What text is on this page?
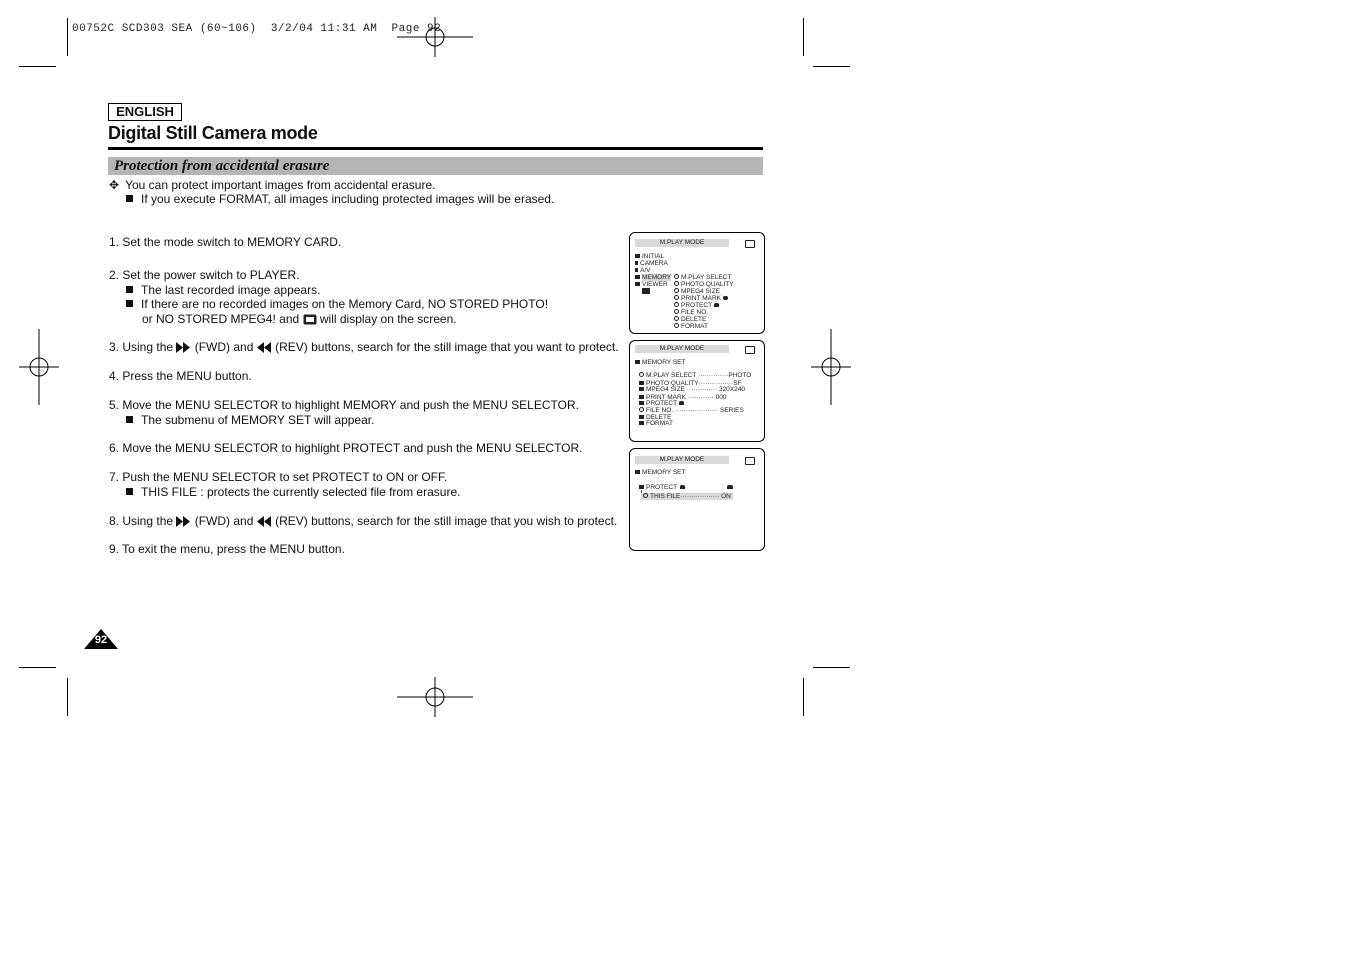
00752C SCD303 SEA (60~106)  3/2/04 11:31 AM  Page 92
ENGLISH
Digital Still Camera mode
Protection from accidental erasure
✥ You can protect important images from accidental erasure.
If you execute FORMAT, all images including protected images will be erased.
1. Set the mode switch to MEMORY CARD.
2. Set the power switch to PLAYER.
The last recorded image appears.
If there are no recorded images on the Memory Card, NO STORED PHOTO!
or NO STORED MPEG4! and will display on the screen.
3. Using the (FWD) and (REV) buttons, search for the still image that you want to protect.
4. Press the MENU button.
5. Move the MENU SELECTOR to highlight MEMORY and push the MENU SELECTOR.
The submenu of MEMORY SET will appear.
6. Move the MENU SELECTOR to highlight PROTECT and push the MENU SELECTOR.
7. Push the MENU SELECTOR to set PROTECT to ON or OFF.
THIS FILE : protects the currently selected file from erasure.
8. Using the (FWD) and (REV) buttons, search for the still image that you wish to protect.
9. To exit the menu, press the MENU button.
M.PLAY MODE
INITIAL
CAMERA
A/V
MEMORY
VIEWER
M.PLAY SELECT
PHOTO QUALITY
MPEG4 SIZE
PRINT MARK
PROTECT
FILE NO.
DELETE
FORMAT
M.PLAY MODE
MEMORY SET
M.PLAY SELECT ··············PHOTO
PHOTO QUALITY················SF
MPEG4 SIZE ·············· 320X240
PRINT MARK ············ 000
PROTECT
FILE NO. ···················· SERIES
DELETE
FORMAT
M.PLAY MODE
MEMORY SET
PROTECT
THIS FILE·················· ON
92
